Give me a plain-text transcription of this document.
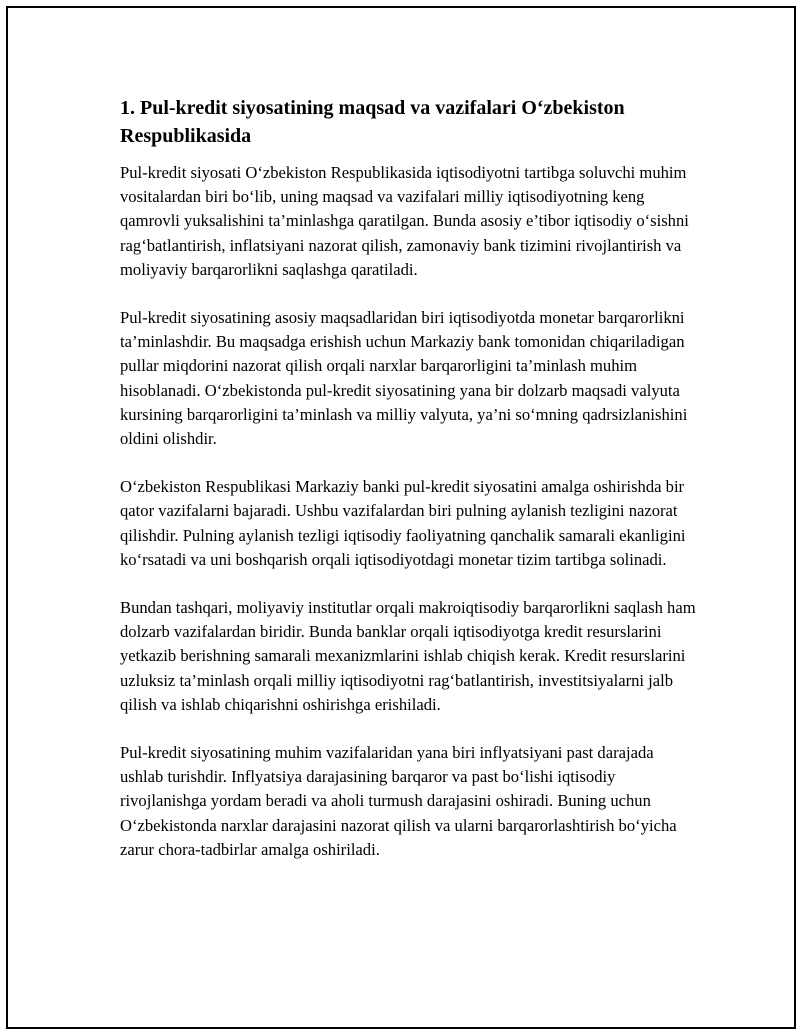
1. Pul-kredit siyosatining maqsad va vazifalari O‘zbekiston Respublikasida

Pul-kredit siyosati O‘zbekiston Respublikasida iqtisodiyotni tartibga soluvchi muhim vositalardan biri bo‘lib, uning maqsad va vazifalari milliy iqtisodiyotning keng qamrovli yuksalishini ta’minlashga qaratilgan. Bunda asosiy e’tibor iqtisodiy o‘sishni rag‘batlantirish, inflatsiyani nazorat qilish, zamonaviy bank tizimini rivojlantirish va moliyaviy barqarorlikni saqlashga qaratiladi.

Pul-kredit siyosatining asosiy maqsadlaridan biri iqtisodiyotda monetar barqarorlikni ta’minlashdir. Bu maqsadga erishish uchun Markaziy bank tomonidan chiqariladigan pullar miqdorini nazorat qilish orqali narxlar barqarorligini ta’minlash muhim hisoblanadi. O‘zbekistonda pul-kredit siyosatining yana bir dolzarb maqsadi valyuta kursining barqarorligini ta’minlash va milliy valyuta, ya’ni so‘mning qadrsizlanishini oldini olishdir.

O‘zbekiston Respublikasi Markaziy banki pul-kredit siyosatini amalga oshirishda bir qator vazifalarni bajaradi. Ushbu vazifalardan biri pulning aylanish tezligini nazorat qilishdir. Pulning aylanish tezligi iqtisodiy faoliyatning qanchalik samarali ekanligini ko‘rsatadi va uni boshqarish orqali iqtisodiyotdagi monetar tizim tartibga solinadi.

Bundan tashqari, moliyaviy institutlar orqali makroiqtisodiy barqarorlikni saqlash ham dolzarb vazifalardan biridir. Bunda banklar orqali iqtisodiyotga kredit resurslarini yetkazib berishning samarali mexanizmlarini ishlab chiqish kerak. Kredit resurslarini uzluksiz ta’minlash orqali milliy iqtisodiyotni rag‘batlantirish, investitsiyalarni jalb qilish va ishlab chiqarishni oshirishga erishiladi.

Pul-kredit siyosatining muhim vazifalaridan yana biri inflyatsiyani past darajada ushlab turishdir. Inflyatsiya darajasining barqaror va past bo‘lishi iqtisodiy rivojlanishga yordam beradi va aholi turmush darajasini oshiradi. Buning uchun O‘zbekistonda narxlar darajasini nazorat qilish va ularni barqarorlashtirish bo‘yicha zarur chora-tadbirlar amalga oshiriladi.
